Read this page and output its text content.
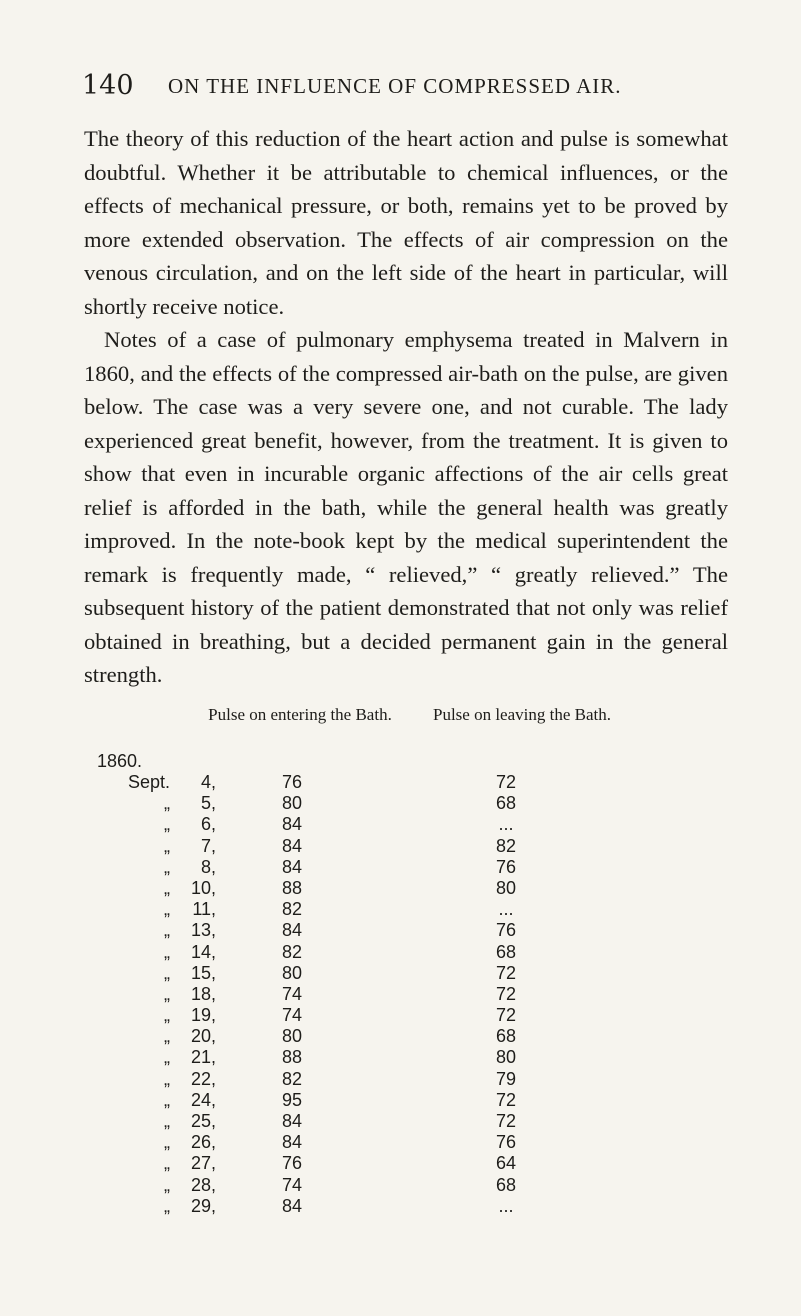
140 ON THE INFLUENCE OF COMPRESSED AIR.

The theory of this reduction of the heart action and pulse is somewhat doubtful. Whether it be attributable to chemical influences, or the effects of mechanical pressure, or both, remains yet to be proved by more extended observation. The effects of air compression on the venous circulation, and on the left side of the heart in particular, will shortly receive notice.

Notes of a case of pulmonary emphysema treated in Malvern in 1860, and the effects of the compressed air-bath on the pulse, are given below. The case was a very severe one, and not curable. The lady experienced great benefit, however, from the treatment. It is given to show that even in incurable organic affections of the air cells great relief is afforded in the bath, while the general health was greatly improved. In the note-book kept by the medical superintendent the remark is frequently made, “ relieved,” “ greatly relieved.” The subsequent history of the patient demonstrated that not only was relief obtained in breathing, but a decided permanent gain in the general strength.

Pulse on entering the Bath.	Pulse on leaving the Bath.
1860.
Sept.	4,	76	72
„	5,	80	68
„	6,	84	...
„	7,	84	82
„	8,	84	76
„	10,	88	80
„	11,	82	...
„	13,	84	76
„	14,	82	68
„	15,	80	72
„	18,	74	72
„	19,	74	72
„	20,	80	68
„	21,	88	80
„	22,	82	79
„	24,	95	72
„	25,	84	72
„	26,	84	76
„	27,	76	64
„	28,	74	68
„	29,	84	...
